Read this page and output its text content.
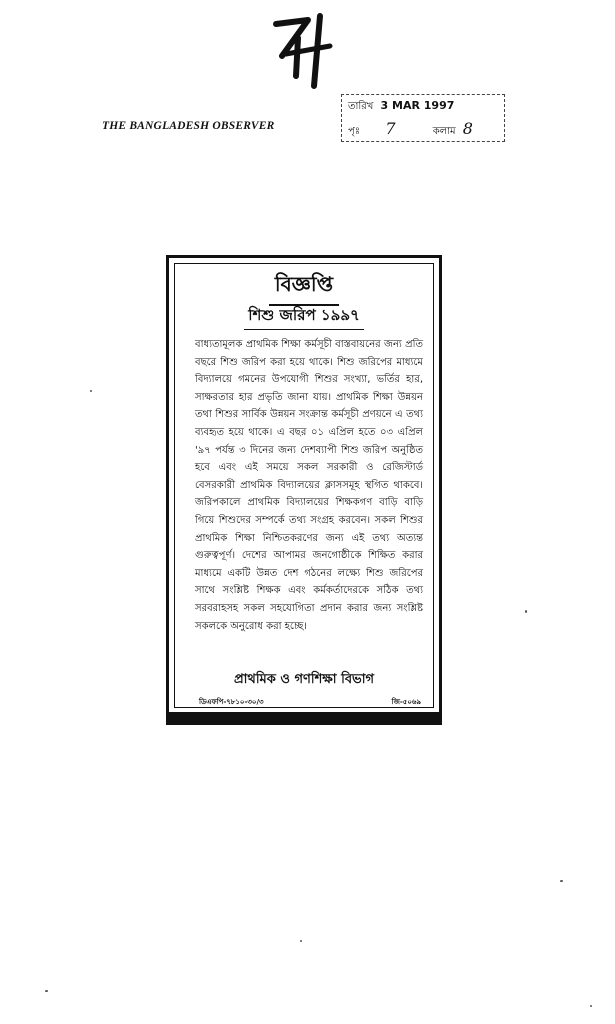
THE BANGLADESH OBSERVER
তারিখ 3 MAR 1997
পৃঃ 7	কলাম 8
বিজ্ঞপ্তি
শিশু জরিপ ১৯৯৭
বাধ্যতামূলক প্রাথমিক শিক্ষা কর্মসূচী বাস্তবায়নের জন্য প্রতি বছরে শিশু জরিপ করা হয়ে থাকে। শিশু জরিপের মাধ্যমে বিদ্যালয়ে গমনের উপযোগী শিশুর সংখ্যা, ভর্তির হার, সাক্ষরতার হার প্রভৃতি জানা যায়। প্রাথমিক শিক্ষা উন্নয়ন তথা শিশুর সার্বিক উন্নয়ন সংক্রান্ত কর্মসূচী প্রণয়নে এ তথ্য ব্যবহৃত হয়ে থাকে। এ বছর ০১ এপ্রিল হতে ০৩ এপ্রিল '৯৭ পর্যন্ত ৩ দিনের জন্য দেশব্যাপী শিশু জরিপ অনুষ্ঠিত হবে এবং এই সময়ে সকল সরকারী ও রেজিস্টার্ড বেসরকারী প্রাথমিক বিদ্যালয়ের ক্লাসসমূহ স্থগিত থাকবে। জরিপকালে প্রাথমিক বিদ্যালয়ের শিক্ষকগণ বাড়ি বাড়ি গিয়ে শিশুদের সম্পর্কে তথ্য সংগ্রহ করবেন। সকল শিশুর প্রাথমিক শিক্ষা নিশ্চিতকরণের জন্য এই তথ্য অত্যন্ত গুরুত্বপূর্ণ। দেশের আপামর জনগোষ্ঠীকে শিক্ষিত করার মাধ্যমে একটি উন্নত দেশ গঠনের লক্ষ্যে শিশু জরিপের সাথে সংশ্লিষ্ট শিক্ষক এবং কর্মকর্তাদেরকে সঠিক তথ্য সরবরাহসহ সকল সহযোগিতা প্রদান করার জন্য সংশ্লিষ্ট সকলকে অনুরোধ করা হচ্ছে।
প্রাথমিক ও গণশিক্ষা বিভাগ
ডিএফপি-৭৮১০-৩০/৩	জি-৫০৬৯
